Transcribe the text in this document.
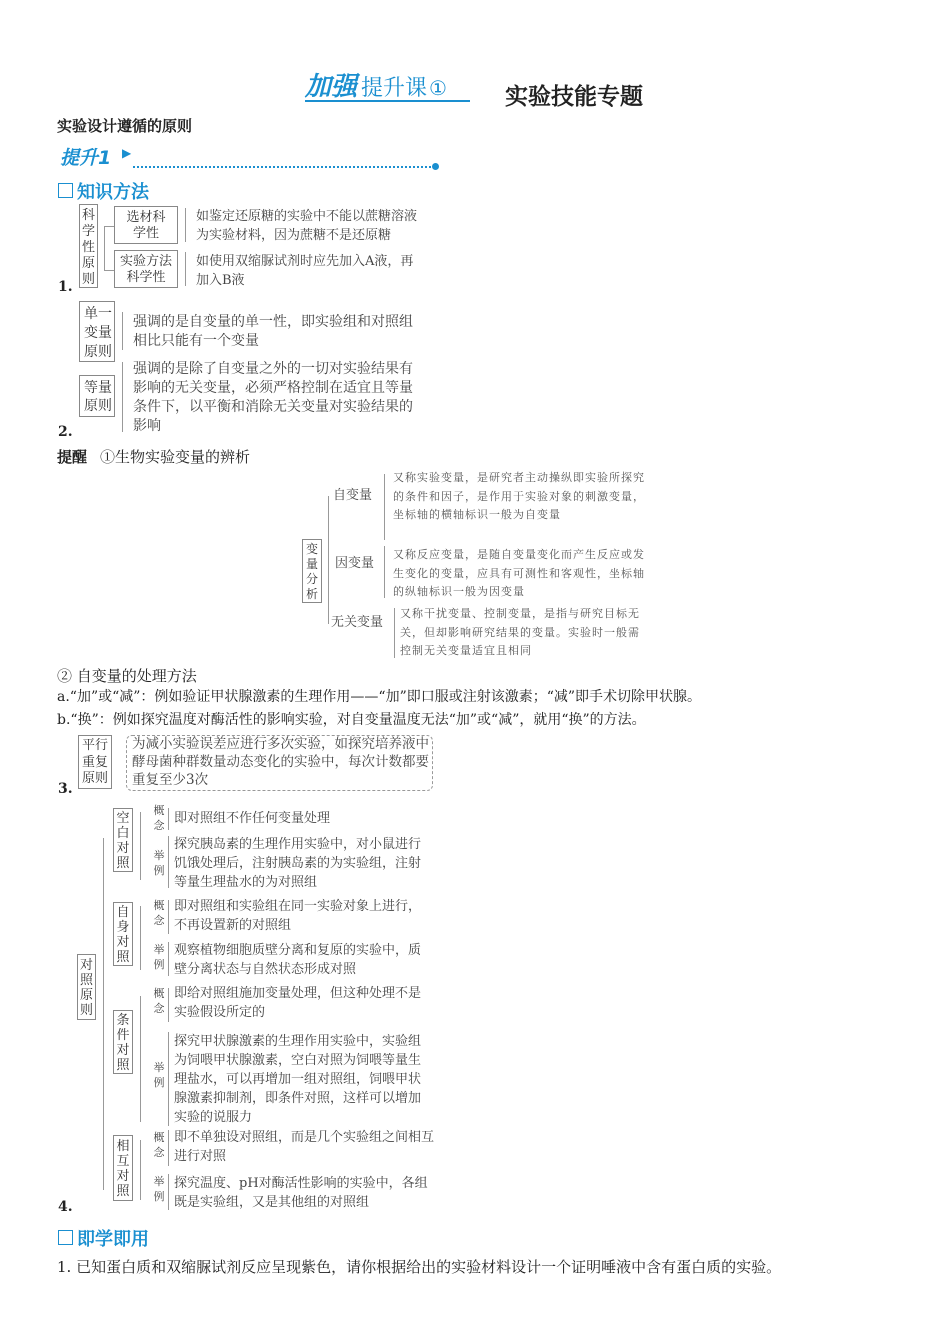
加强 提升课 ①	实验技能专题
实验设计遵循的原则
提升1 ▶
知识方法
1.
科学性原则
选材科学性
实验方法科学性
如鉴定还原糖的实验中不能以蔗糖溶液为实验材料，因为蔗糖不是还原糖
如使用双缩脲试剂时应先加入A液，再加入B液
2.
单一变量原则
强调的是自变量的单一性，即实验组和对照组相比只能有一个变量
等量原则
强调的是除了自变量之外的一切对实验结果有影响的无关变量，必须严格控制在适宜且等量条件下，以平衡和消除无关变量对实验结果的影响
提醒 ①生物实验变量的辨析
变量分析
自变量
因变量
无关变量
又称实验变量，是研究者主动操纵即实验所探究的条件和因子，是作用于实验对象的刺激变量，坐标轴的横轴标识一般为自变量
又称反应变量，是随自变量变化而产生反应或发生变化的变量，应具有可测性和客观性，坐标轴的纵轴标识一般为因变量
又称干扰变量、控制变量，是指与研究目标无关，但却影响研究结果的变量。实验时一般需控制无关变量适宜且相同
② 自变量的处理方法
a.“加”或“减”：例如验证甲状腺激素的生理作用——“加”即口服或注射该激素；“减”即手术切除甲状腺。
b.“换”：例如探究温度对酶活性的影响实验，对自变量温度无法“加”或“减”，就用“换”的方法。
3.
平行重复原则
为减小实验误差应进行多次实验，如探究培养液中酵母菌种群数量动态变化的实验中，每次计数都要重复至少3次
4.
对照原则
空白对照
概念
举例
即对照组不作任何变量处理
探究胰岛素的生理作用实验中，对小鼠进行饥饿处理后，注射胰岛素的为实验组，注射等量生理盐水的为对照组
自身对照
概念
举例
即对照组和实验组在同一实验对象上进行，不再设置新的对照组
观察植物细胞质壁分离和复原的实验中，质壁分离状态与自然状态形成对照
条件对照
概念
举例
即给对照组施加变量处理，但这种处理不是实验假设所定的
探究甲状腺激素的生理作用实验中，实验组为饲喂甲状腺激素，空白对照为饲喂等量生理盐水，可以再增加一组对照组，饲喂甲状腺激素抑制剂，即条件对照，这样可以增加实验的说服力
相互对照
概念
举例
即不单独设对照组，而是几个实验组之间相互进行对照
探究温度、pH对酶活性影响的实验中，各组既是实验组，又是其他组的对照组
即学即用
1. 已知蛋白质和双缩脲试剂反应呈现紫色，请你根据给出的实验材料设计一个证明唾液中含有蛋白质的实验。
